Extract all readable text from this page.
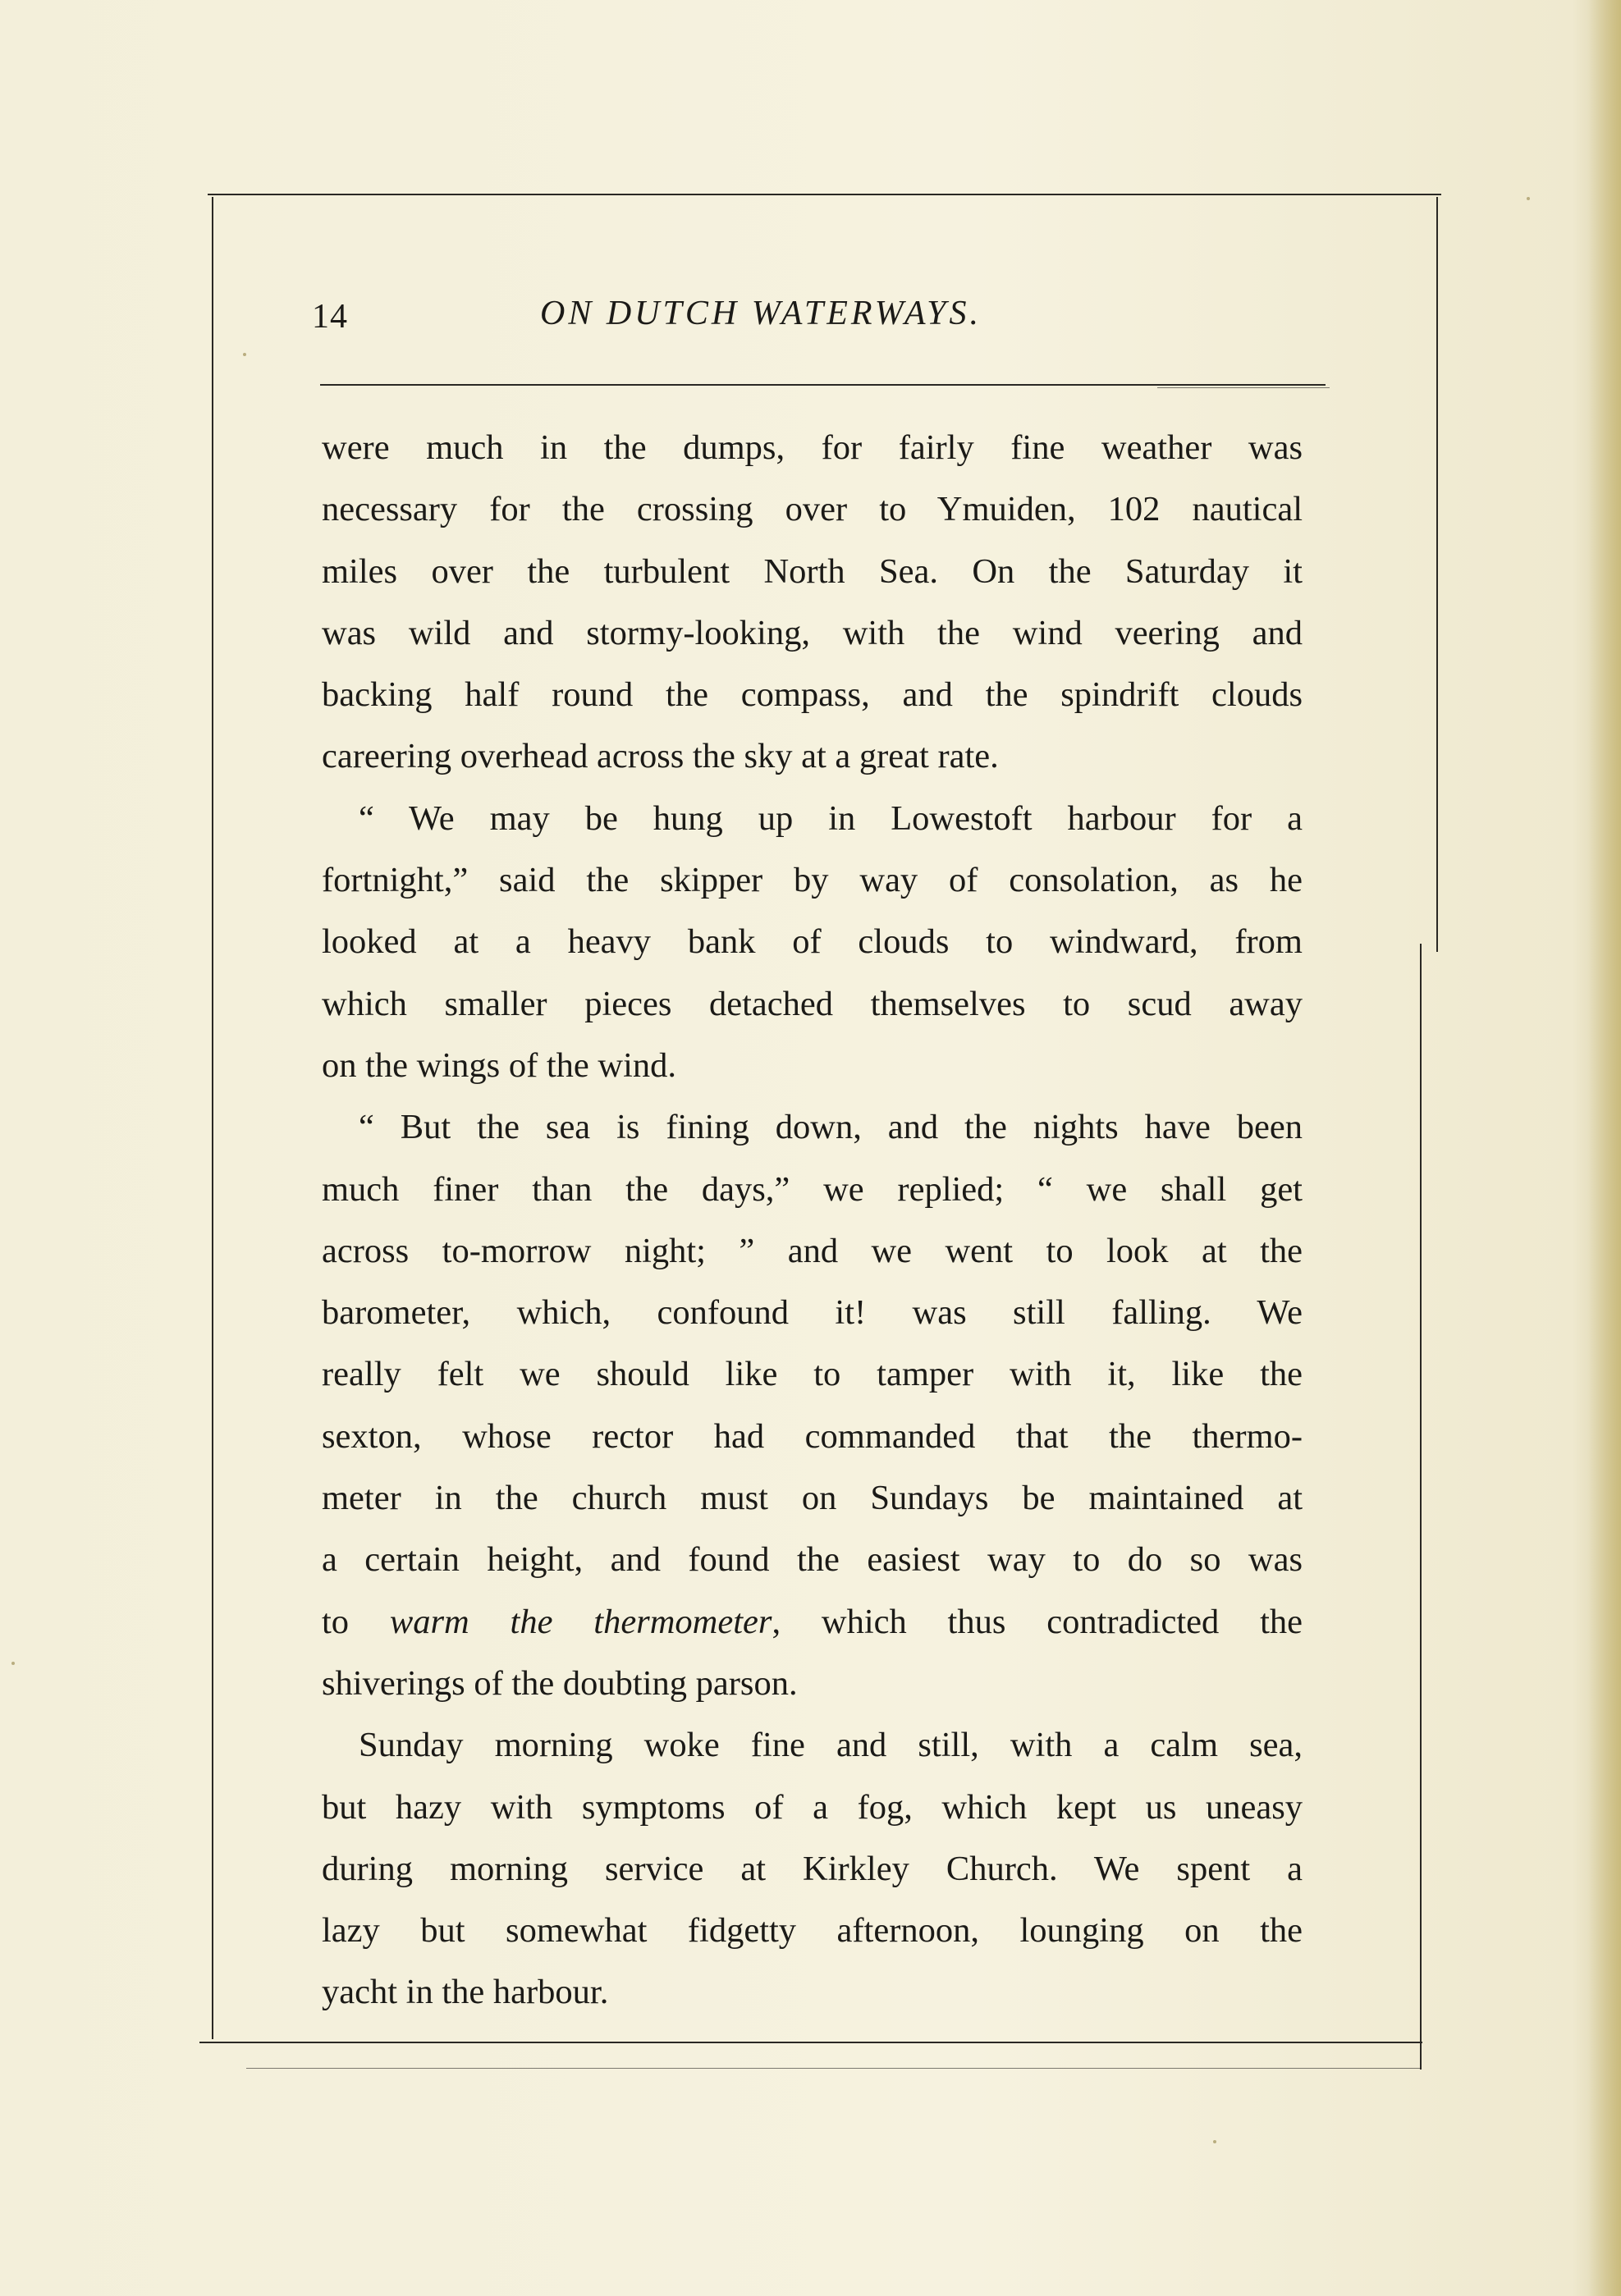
14	ON DUTCH WATERWAYS.
were much in the dumps, for fairly fine weather was
necessary for the crossing over to Ymuiden, 102 nautical
miles over the turbulent North Sea. On the Saturday it
was wild and stormy-looking, with the wind veering and
backing half round the compass, and the spindrift clouds
careering overhead across the sky at a great rate.
“ We may be hung up in Lowestoft harbour for a
fortnight,” said the skipper by way of consolation, as he
looked at a heavy bank of clouds to windward, from
which smaller pieces detached themselves to scud away
on the wings of the wind.
“ But the sea is fining down, and the nights have been
much finer than the days,” we replied; “ we shall get
across to-morrow night; ” and we went to look at the
barometer, which, confound it! was still falling. We
really felt we should like to tamper with it, like the
sexton, whose rector had commanded that the thermo-
meter in the church must on Sundays be maintained at
a certain height, and found the easiest way to do so was
to warm the thermometer, which thus contradicted the
shiverings of the doubting parson.
Sunday morning woke fine and still, with a calm sea,
but hazy with symptoms of a fog, which kept us uneasy
during morning service at Kirkley Church. We spent a
lazy but somewhat fidgetty afternoon, lounging on the
yacht in the harbour.
